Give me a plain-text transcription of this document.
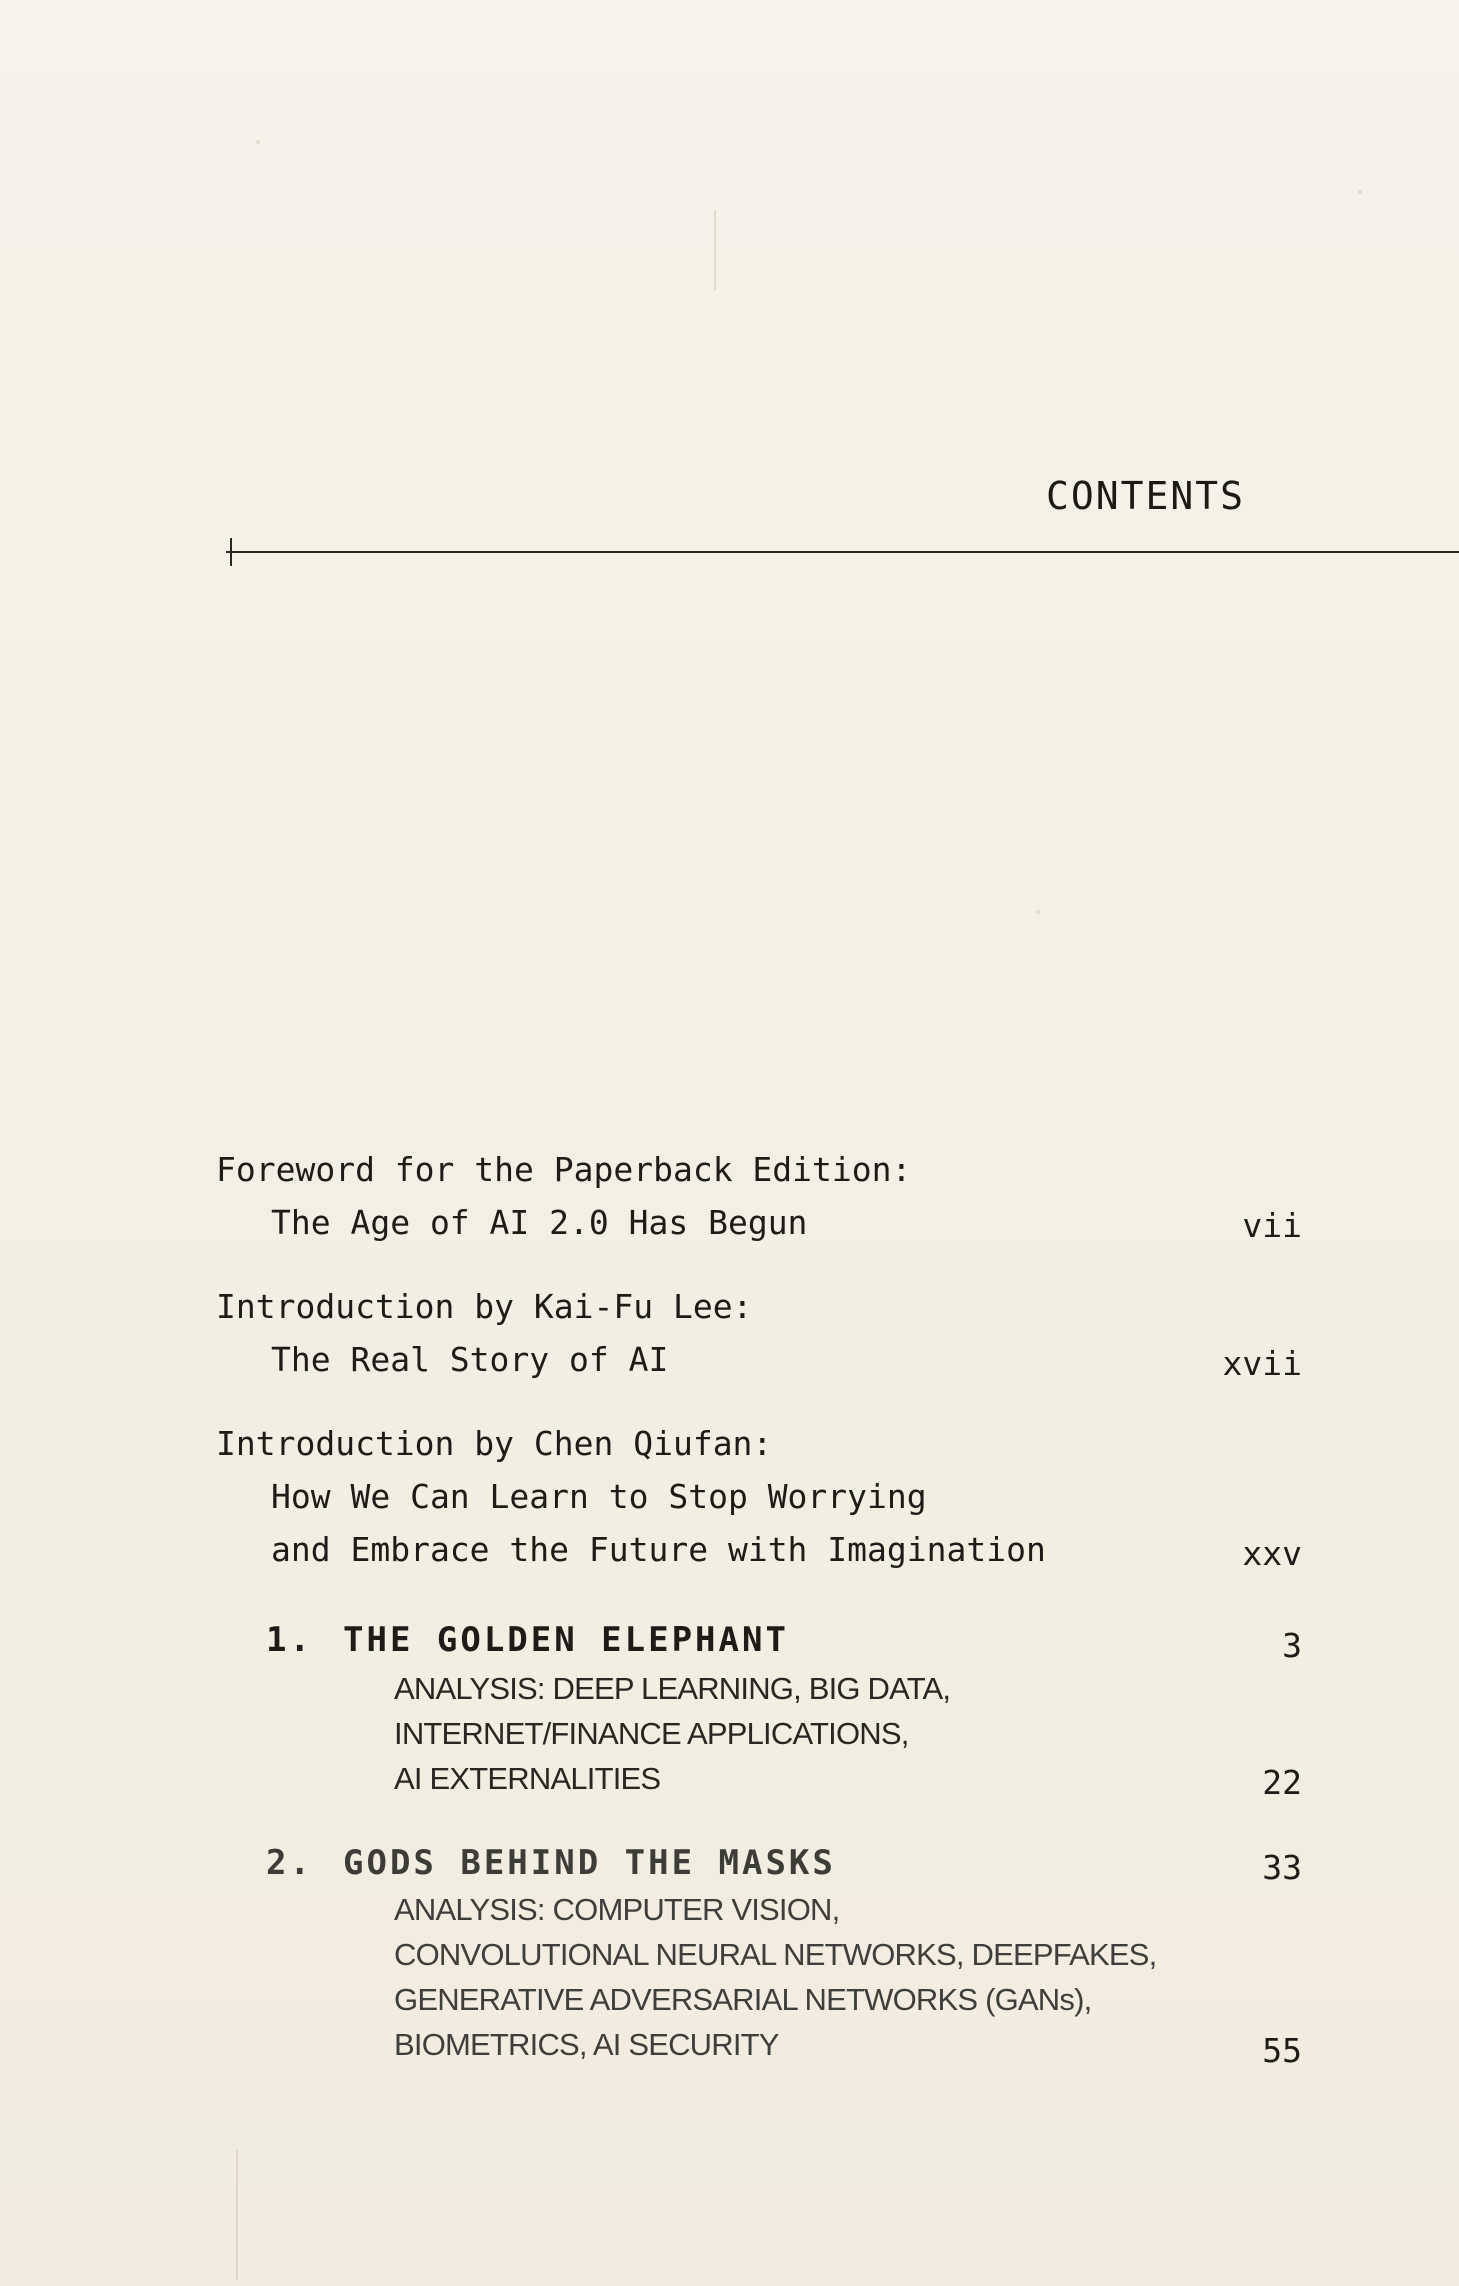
CONTENTS
Foreword for the Paperback Edition:
The Age of AI 2.0 Has Begun	vii
Introduction by Kai-Fu Lee:
The Real Story of AI	xvii
Introduction by Chen Qiufan:
How We Can Learn to Stop Worrying
and Embrace the Future with Imagination	xxv
1. THE GOLDEN ELEPHANT	3
ANALYSIS: DEEP LEARNING, BIG DATA,
INTERNET/FINANCE APPLICATIONS,
AI EXTERNALITIES	22
2. GODS BEHIND THE MASKS	33
ANALYSIS: COMPUTER VISION,
CONVOLUTIONAL NEURAL NETWORKS, DEEPFAKES,
GENERATIVE ADVERSARIAL NETWORKS (GANs),
BIOMETRICS, AI SECURITY	55
